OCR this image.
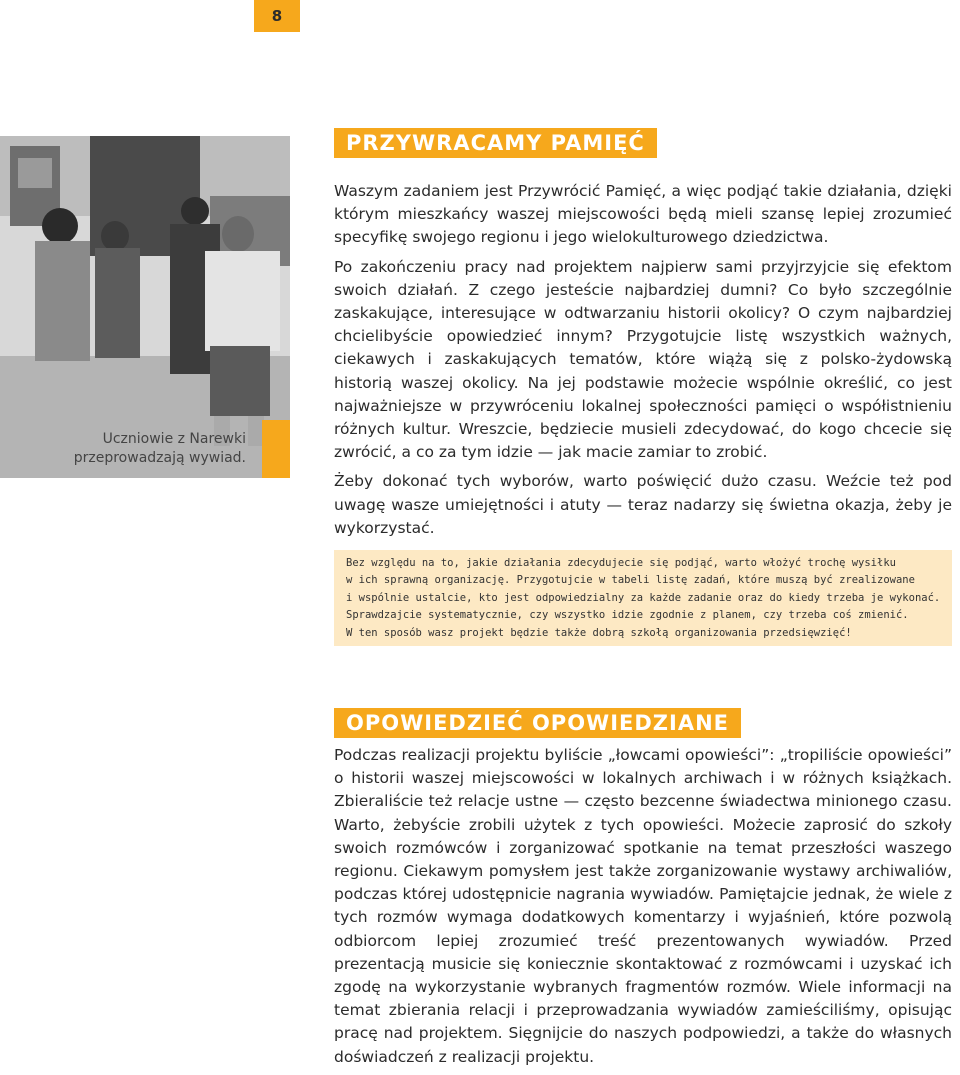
8
Uczniowie z Narewki przeprowadzają wywiad.
PRZYWRACAMY PAMIĘĆ

Waszym zadaniem jest Przywrócić Pamięć, a więc podjąć takie działania, dzięki którym mieszkańcy waszej miejscowości będą mieli szansę lepiej zrozumieć specyfikę swojego regionu i jego wielokulturowego dziedzictwa.

Po zakończeniu pracy nad projektem najpierw sami przyjrzyjcie się efektom swoich działań. Z czego jesteście najbardziej dumni? Co było szczególnie zaskakujące, interesujące w odtwarzaniu historii okolicy? O czym najbardziej chcielibyście opowiedzieć innym? Przygotujcie listę wszystkich ważnych, ciekawych i zaskakujących tematów, które wiążą się z polsko-żydowską historią waszej okolicy. Na jej podstawie możecie wspólnie określić, co jest najważniejsze w przywróceniu lokalnej społeczności pamięci o współistnieniu różnych kultur. Wreszcie, będziecie musieli zdecydować, do kogo chcecie się zwrócić, a co za tym idzie — jak macie zamiar to zrobić.

Żeby dokonać tych wyborów, warto poświęcić dużo czasu. Weźcie też pod uwagę wasze umiejętności i atuty — teraz nadarzy się świetna okazja, żeby je wykorzystać.

Bez względu na to, jakie działania zdecydujecie się podjąć, warto włożyć trochę wysiłku
w ich sprawną organizację. Przygotujcie w tabeli listę zadań, które muszą być zrealizowane
i wspólnie ustalcie, kto jest odpowiedzialny za każde zadanie oraz do kiedy trzeba je wykonać.
Sprawdzajcie systematycznie, czy wszystko idzie zgodnie z planem, czy trzeba coś zmienić.
W ten sposób wasz projekt będzie także dobrą szkołą organizowania przedsięwzięć!
OPOWIEDZIEĆ OPOWIEDZIANE

Podczas realizacji projektu byliście „łowcami opowieści”: „tropiliście opowieści” o historii waszej miejscowości w lokalnych archiwach i w różnych książkach. Zbieraliście też relacje ustne — często bezcenne świadectwa minionego czasu. Warto, żebyście zrobili użytek z tych opowieści. Możecie zaprosić do szkoły swoich rozmówców i zorganizować spotkanie na temat przeszłości waszego regionu. Ciekawym pomysłem jest także zorganizowanie wystawy archiwaliów, podczas której udostępnicie nagrania wywiadów. Pamiętajcie jednak, że wiele z tych rozmów wymaga dodatkowych komentarzy i wyjaśnień, które pozwolą odbiorcom lepiej zrozumieć treść prezentowanych wywiadów. Przed prezentacją musicie się koniecznie skontaktować z rozmówcami i uzyskać ich zgodę na wykorzystanie wybranych fragmentów rozmów. Wiele informacji na temat zbierania relacji i przeprowadzania wywiadów zamieściliśmy, opisując pracę nad projektem. Sięgnijcie do naszych podpowiedzi, a także do własnych doświadczeń z realizacji projektu.
